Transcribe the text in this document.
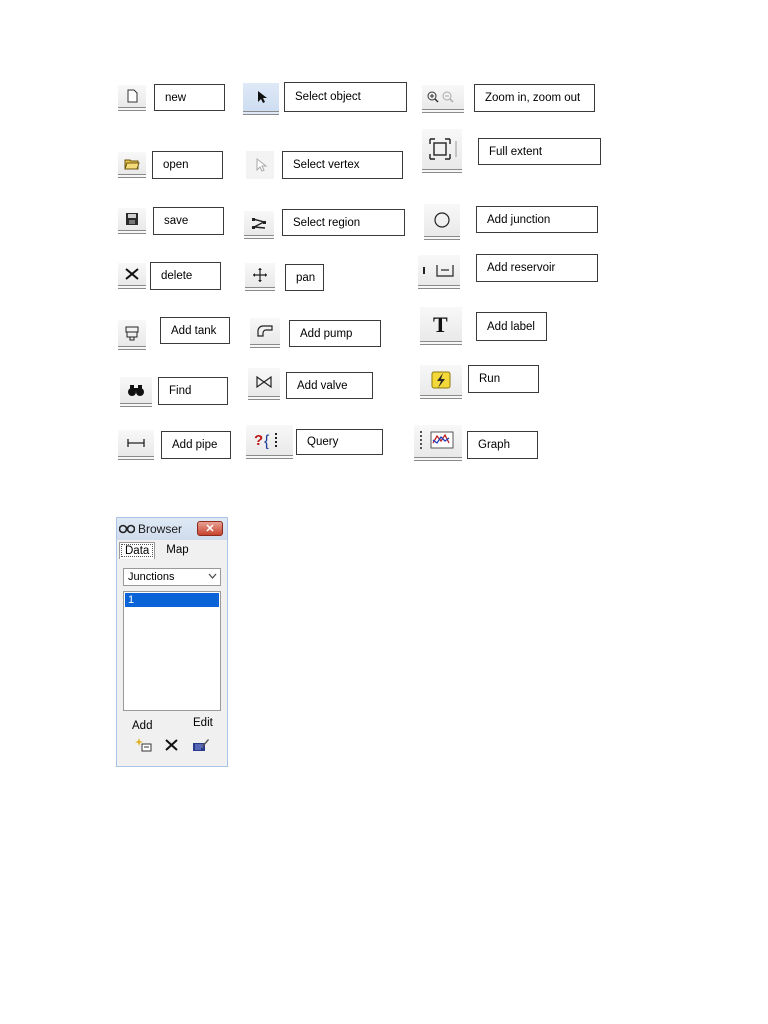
new
open
save
delete
Add tank
Find
Add pipe
Select object
Select vertex
Select region
pan
Add pump
Add valve
? {	Query
Zoom in, zoom out
Full extent
Add junction
Add reservoir
T	Add label
Run
Graph
Browser	✕
Data	Map
Junctions
1
Add	Edit
